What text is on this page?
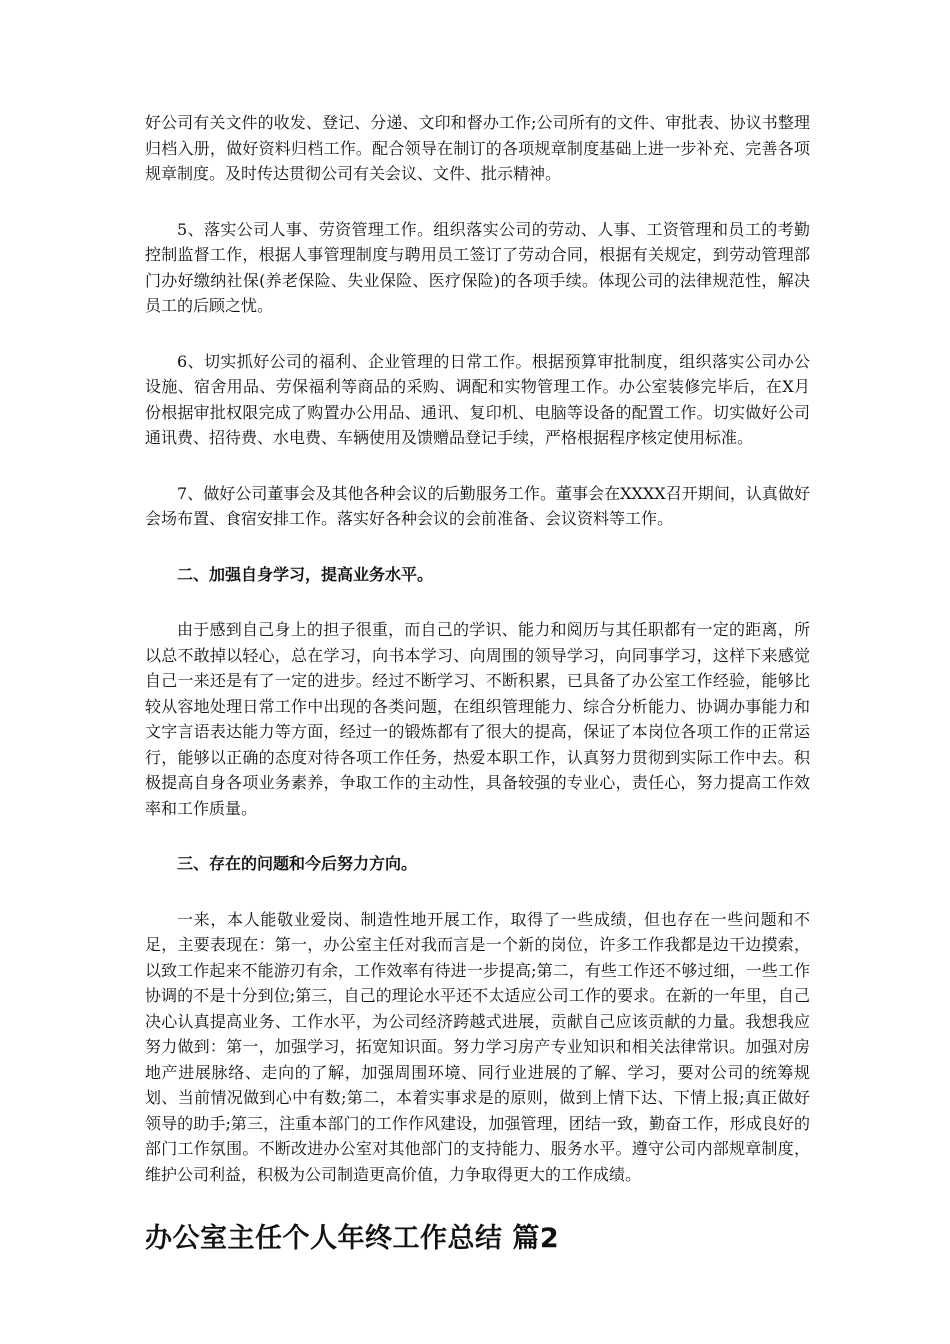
好公司有关文件的收发、登记、分递、文印和督办工作;公司所有的文件、审批表、协议书整理归档入册，做好资料归档工作。配合领导在制订的各项规章制度基础上进一步补充、完善各项规章制度。及时传达贯彻公司有关会议、文件、批示精神。

5、落实公司人事、劳资管理工作。组织落实公司的劳动、人事、工资管理和员工的考勤控制监督工作，根据人事管理制度与聘用员工签订了劳动合同，根据有关规定，到劳动管理部门办好缴纳社保(养老保险、失业保险、医疗保险)的各项手续。体现公司的法律规范性，解决员工的后顾之忧。

6、切实抓好公司的福利、企业管理的日常工作。根据预算审批制度，组织落实公司办公设施、宿舍用品、劳保福利等商品的采购、调配和实物管理工作。办公室装修完毕后，在X月份根据审批权限完成了购置办公用品、通讯、复印机、电脑等设备的配置工作。切实做好公司通讯费、招待费、水电费、车辆使用及馈赠品登记手续，严格根据程序核定使用标准。

7、做好公司董事会及其他各种会议的后勤服务工作。董事会在XXXX召开期间，认真做好会场布置、食宿安排工作。落实好各种会议的会前准备、会议资料等工作。

二、加强自身学习，提高业务水平。

由于感到自己身上的担子很重，而自己的学识、能力和阅历与其任职都有一定的距离，所以总不敢掉以轻心，总在学习，向书本学习、向周围的领导学习，向同事学习，这样下来感觉自己一来还是有了一定的进步。经过不断学习、不断积累，已具备了办公室工作经验，能够比较从容地处理日常工作中出现的各类问题，在组织管理能力、综合分析能力、协调办事能力和文字言语表达能力等方面，经过一的锻炼都有了很大的提高，保证了本岗位各项工作的正常运行，能够以正确的态度对待各项工作任务，热爱本职工作，认真努力贯彻到实际工作中去。积极提高自身各项业务素养，争取工作的主动性，具备较强的专业心，责任心，努力提高工作效率和工作质量。

三、存在的问题和今后努力方向。

一来，本人能敬业爱岗、制造性地开展工作，取得了一些成绩，但也存在一些问题和不足，主要表现在：第一，办公室主任对我而言是一个新的岗位，许多工作我都是边干边摸索，以致工作起来不能游刃有余，工作效率有待进一步提高;第二，有些工作还不够过细，一些工作协调的不是十分到位;第三，自己的理论水平还不太适应公司工作的要求。在新的一年里，自己决心认真提高业务、工作水平，为公司经济跨越式进展，贡献自己应该贡献的力量。我想我应努力做到：第一，加强学习，拓宽知识面。努力学习房产专业知识和相关法律常识。加强对房地产进展脉络、走向的了解，加强周围环境、同行业进展的了解、学习，要对公司的统筹规划、当前情况做到心中有数;第二，本着实事求是的原则，做到上情下达、下情上报;真正做好领导的助手;第三，注重本部门的工作作风建设，加强管理，团结一致，勤奋工作，形成良好的部门工作氛围。不断改进办公室对其他部门的支持能力、服务水平。遵守公司内部规章制度，维护公司利益，积极为公司制造更高价值，力争取得更大的工作成绩。

办公室主任个人年终工作总结 篇2
